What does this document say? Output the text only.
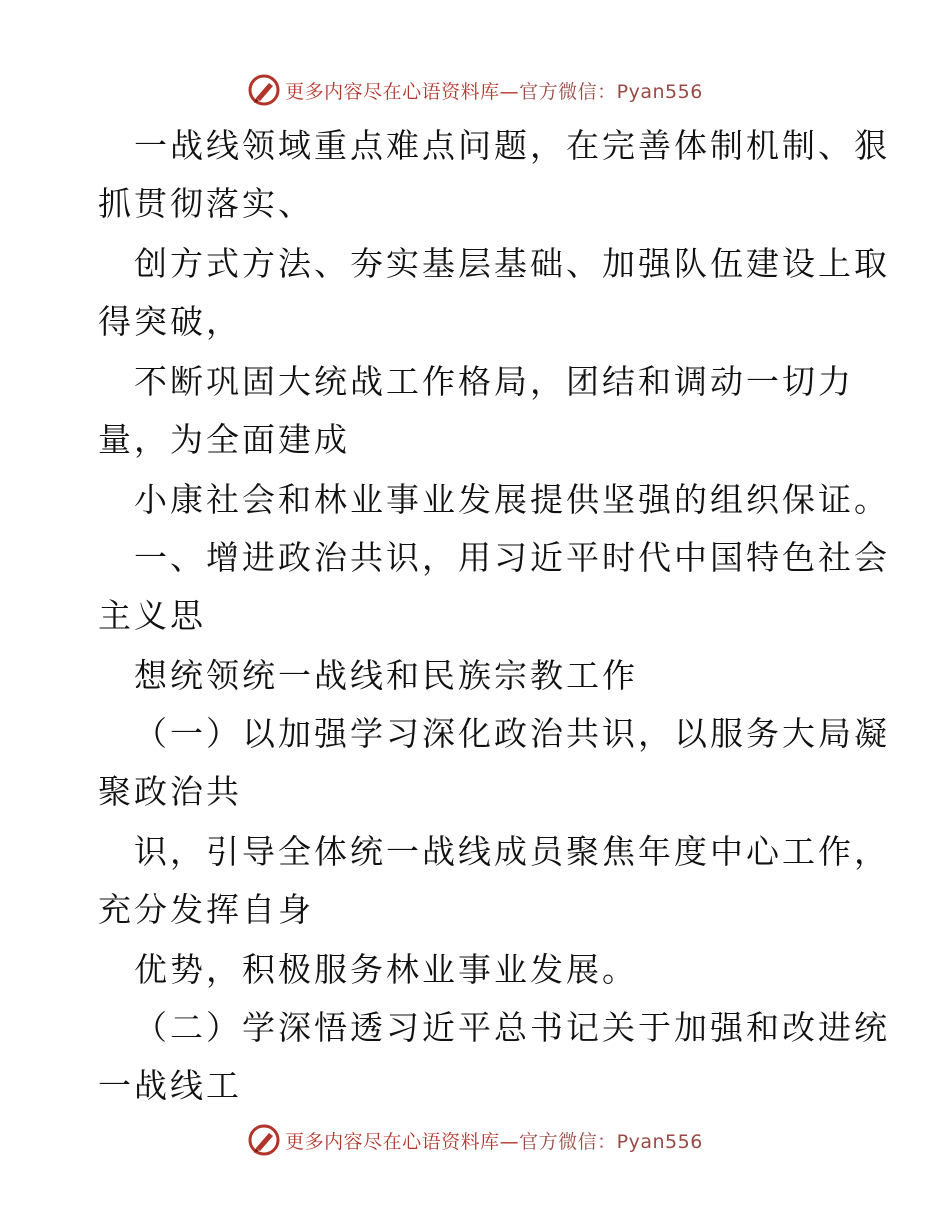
更多内容尽在心语资料库—官方微信：Pyan556
一战线领域重点难点问题，在完善体制机制、狠
抓贯彻落实、
创方式方法、夯实基层基础、加强队伍建设上取
得突破，
不断巩固大统战工作格局，团结和调动一切力
量，为全面建成
小康社会和林业事业发展提供坚强的组织保证。
一、增进政治共识，用习近平时代中国特色社会
主义思
想统领统一战线和民族宗教工作
（一）以加强学习深化政治共识，以服务大局凝
聚政治共
识，引导全体统一战线成员聚焦年度中心工作，
充分发挥自身
优势，积极服务林业事业发展。
（二）学深悟透习近平总书记关于加强和改进统
一战线工
更多内容尽在心语资料库—官方微信：Pyan556
